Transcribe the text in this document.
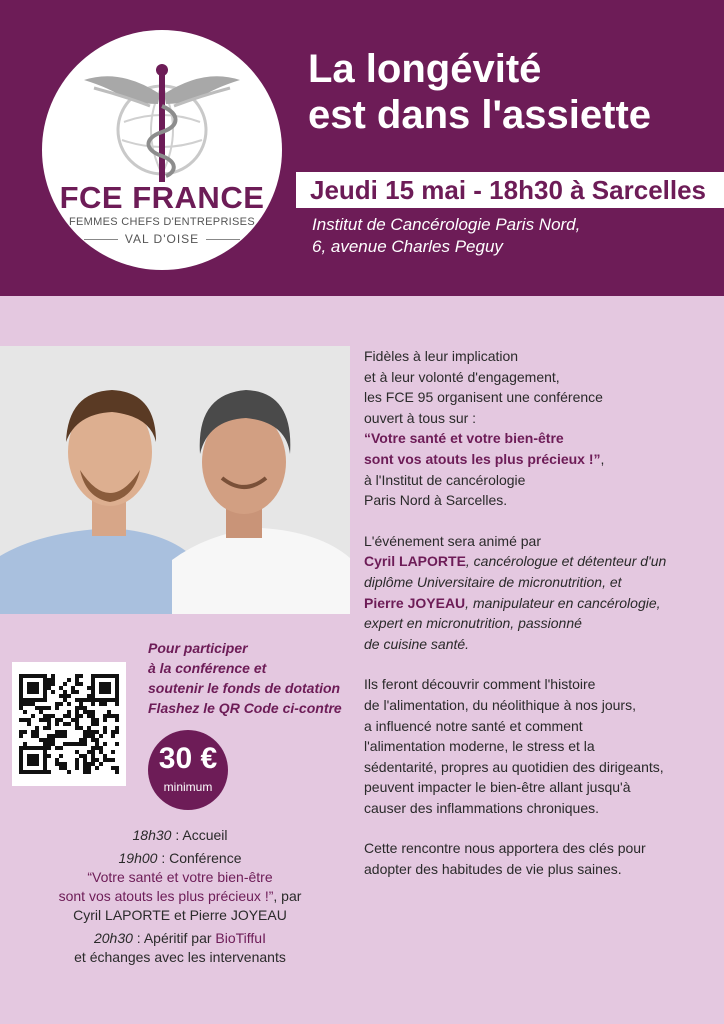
FCE FRANCE
FEMMES CHEFS D'ENTREPRISES
VAL D'OISE
La longévité
est dans l'assiette
Jeudi 15 mai - 18h30 à Sarcelles
Institut de Cancérologie Paris Nord,
6, avenue Charles Peguy
Pour participer
à la conférence et
soutenir le fonds de dotation
Flashez le QR Code ci-contre
30 €
minimum
18h30 : Accueil
19h00 : Conférence
“Votre santé et votre bien-être
sont vos atouts les plus précieux !”, par
Cyril LAPORTE et Pierre JOYEAU
20h30 : Apéritif par BioTiffuI
et échanges avec les intervenants
Fidèles à leur implication
et à leur volonté d'engagement,
les FCE 95 organisent une conférence
ouvert à tous sur :
“Votre santé et votre bien-être
sont vos atouts les plus précieux !”,
à l'Institut de cancérologie
Paris Nord à Sarcelles.
L'événement sera animé par
Cyril LAPORTE, cancérologue et détenteur d'un
diplôme Universitaire de micronutrition, et
Pierre JOYEAU, manipulateur en cancérologie,
expert en micronutrition, passionné
de cuisine santé.
Ils feront découvrir comment l'histoire
de l'alimentation, du néolithique à nos jours,
a influencé notre santé et comment
l'alimentation moderne, le stress et la
sédentarité, propres au quotidien des dirigeants,
peuvent impacter le bien-être allant jusqu'à
causer des inflammations chroniques.
Cette rencontre nous apportera des clés pour
adopter des habitudes de vie plus saines.
